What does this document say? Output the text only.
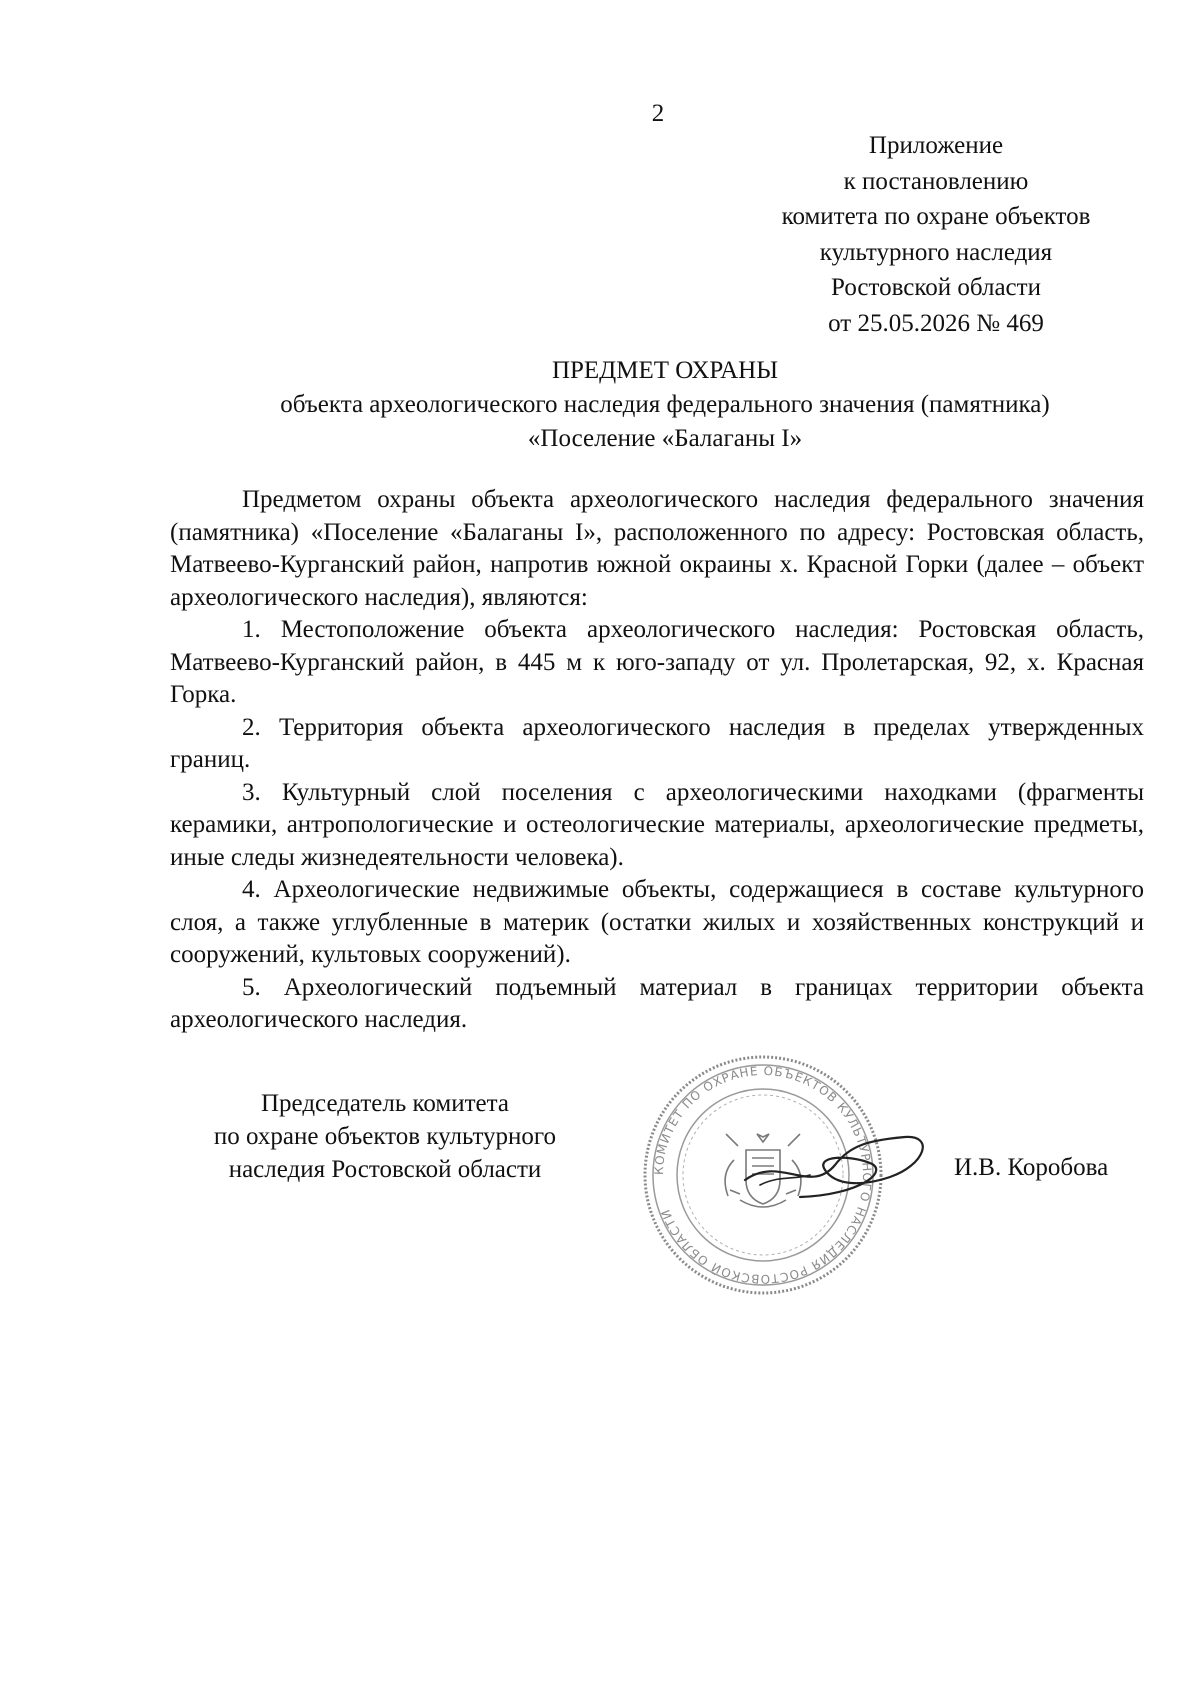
2
Приложение
к постановлению
комитета по охране объектов
культурного наследия
Ростовской области
от 25.05.2026 № 469
ПРЕДМЕТ ОХРАНЫ
объекта археологического наследия федерального значения (памятника)
«Поселение «Балаганы I»

Предметом охраны объекта археологического наследия федерального значения (памятника) «Поселение «Балаганы I», расположенного по адресу: Ростовская область, Матвеево-Курганский район, напротив южной окраины х. Красной Горки (далее – объект археологического наследия), являются:

1. Местоположение объекта археологического наследия: Ростовская область, Матвеево-Курганский район, в 445 м к юго-западу от ул. Пролетарская, 92, х. Красная Горка.

2. Территория объекта археологического наследия в пределах утвержденных границ.

3. Культурный слой поселения с археологическими находками (фрагменты керамики, антропологические и остеологические материалы, археологические предметы, иные следы жизнедеятельности человека).

4. Археологические недвижимые объекты, содержащиеся в составе культурного слоя, а также углубленные в материк (остатки жилых и хозяйственных конструкций и сооружений, культовых сооружений).

5. Археологический подъемный материал в границах территории объекта археологического наследия.

Председатель комитета
по охране объектов культурного
наследия Ростовской области	КОМИТЕТ ПО ОХРАНЕ ОБЪЕКТОВ КУЛЬТУРНОГО НАСЛЕДИЯ РОСТОВСКОЙ ОБЛАСТИ
И.В. Коробова
